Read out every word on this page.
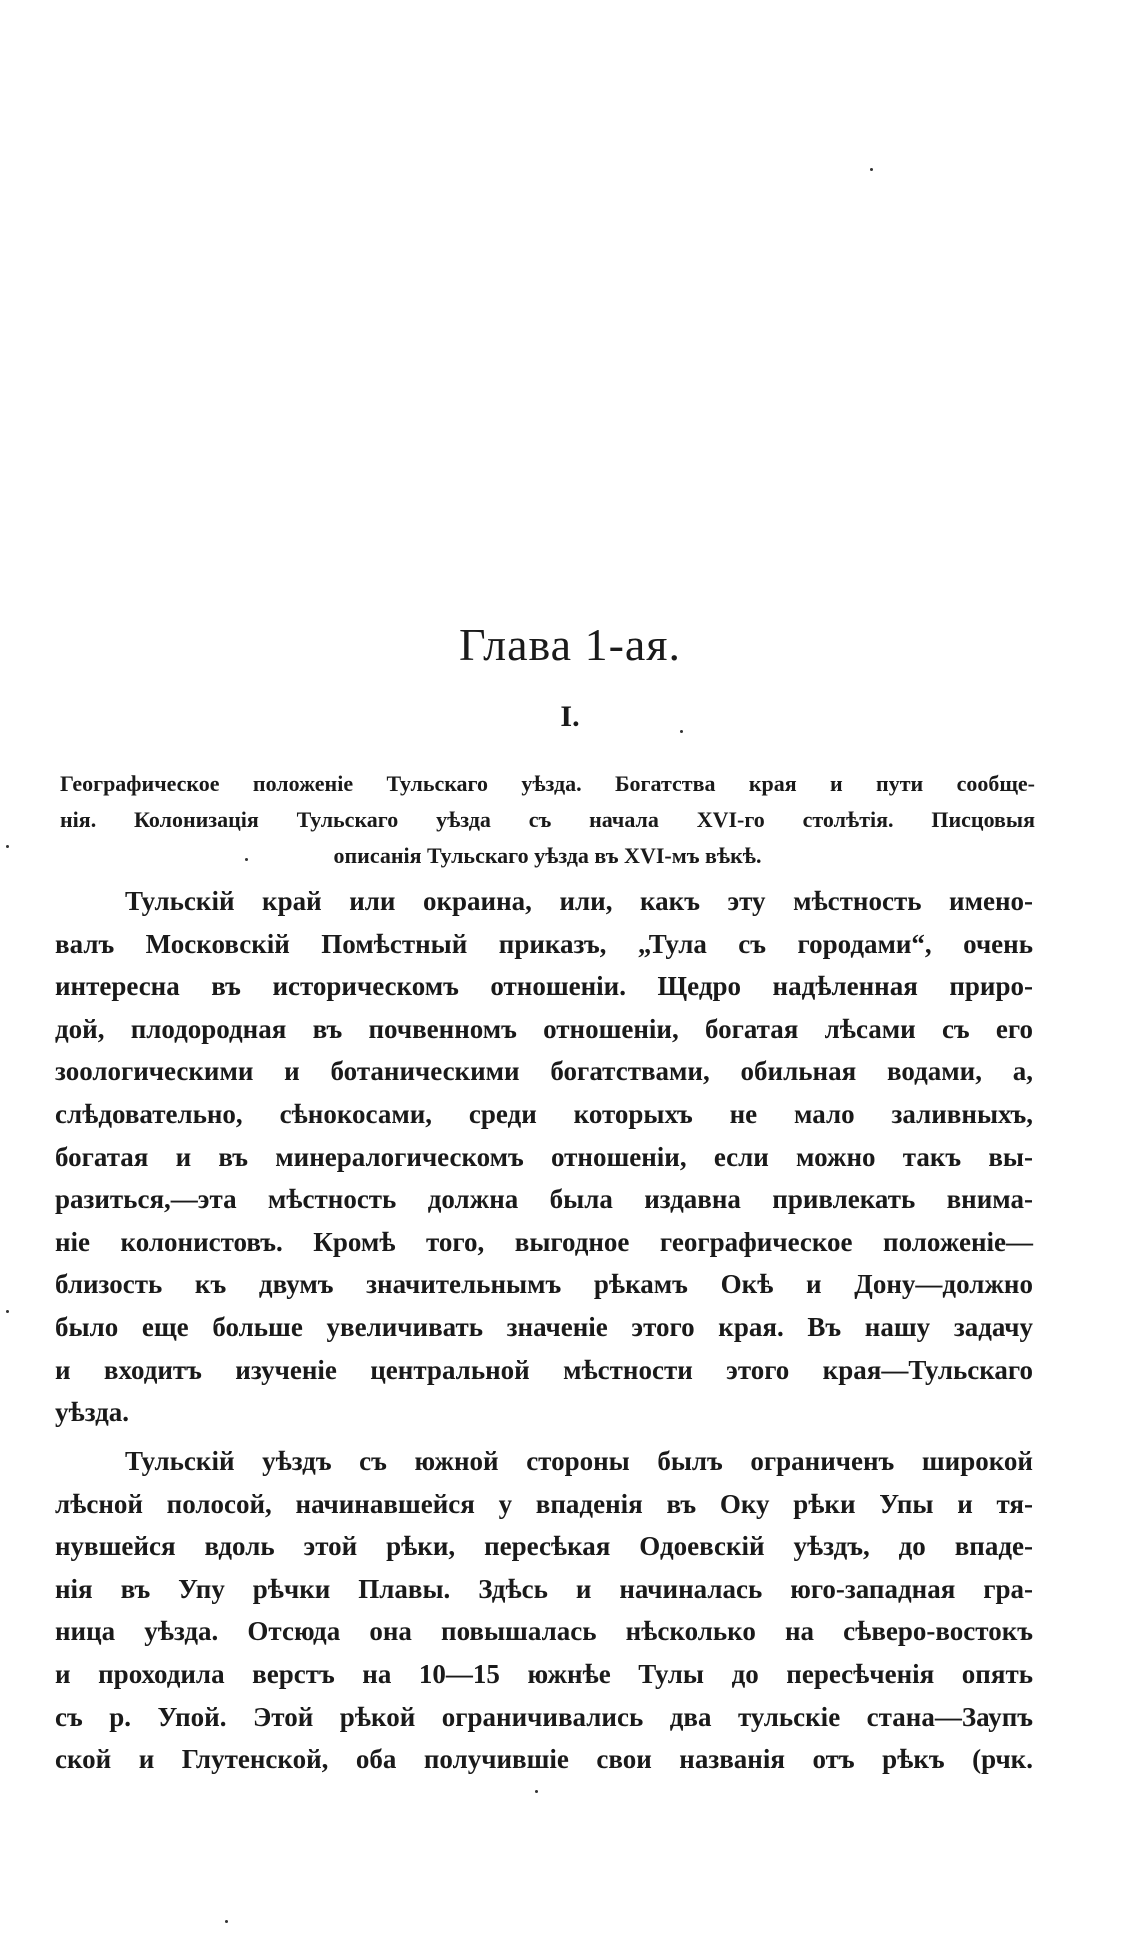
Глава 1-ая.
I.
Географическое положеніе Тульскаго уѣзда. Богатства края и пути сообще-
нія. Колонизація Тульскаго уѣзда съ начала XVI-го столѣтія. Писцовыя
описанія Тульскаго уѣзда въ XVI-мъ вѣкѣ.
Тульскій край или окраина, или, какъ эту мѣстность имено-
валъ Московскій Помѣстный приказъ, „Тула съ городами“, очень
интересна въ историческомъ отношеніи. Щедро надѣленная приро-
дой, плодородная въ почвенномъ отношеніи, богатая лѣсами съ его
зоологическими и ботаническими богатствами, обильная водами, а,
слѣдовательно, сѣнокосами, среди которыхъ не мало заливныхъ,
богатая и въ минералогическомъ отношеніи, если можно такъ вы-
разиться,—эта мѣстность должна была издавна привлекать внима-
ніе колонистовъ. Кромѣ того, выгодное географическое положеніе—
близость къ двумъ значительнымъ рѣкамъ Окѣ и Дону—должно
было еще больше увеличивать значеніе этого края. Въ нашу задачу
и входитъ изученіе центральной мѣстности этого края—Тульскаго
уѣзда.
Тульскій уѣздъ съ южной стороны былъ ограниченъ широкой
лѣсной полосой, начинавшейся у впаденія въ Оку рѣки Упы и тя-
нувшейся вдоль этой рѣки, пересѣкая Одоевскій уѣздъ, до впаде-
нія въ Упу рѣчки Плавы. Здѣсь и начиналась юго-западная гра-
ница уѣзда. Отсюда она повышалась нѣсколько на сѣверо-востокъ
и проходила верстъ на 10—15 южнѣе Тулы до пересѣченія опять
съ р. Упой. Этой рѣкой ограничивались два тульскіе стана—Заупъ
ской и Глутенской, оба получившіе свои названія отъ рѣкъ (рчк.
